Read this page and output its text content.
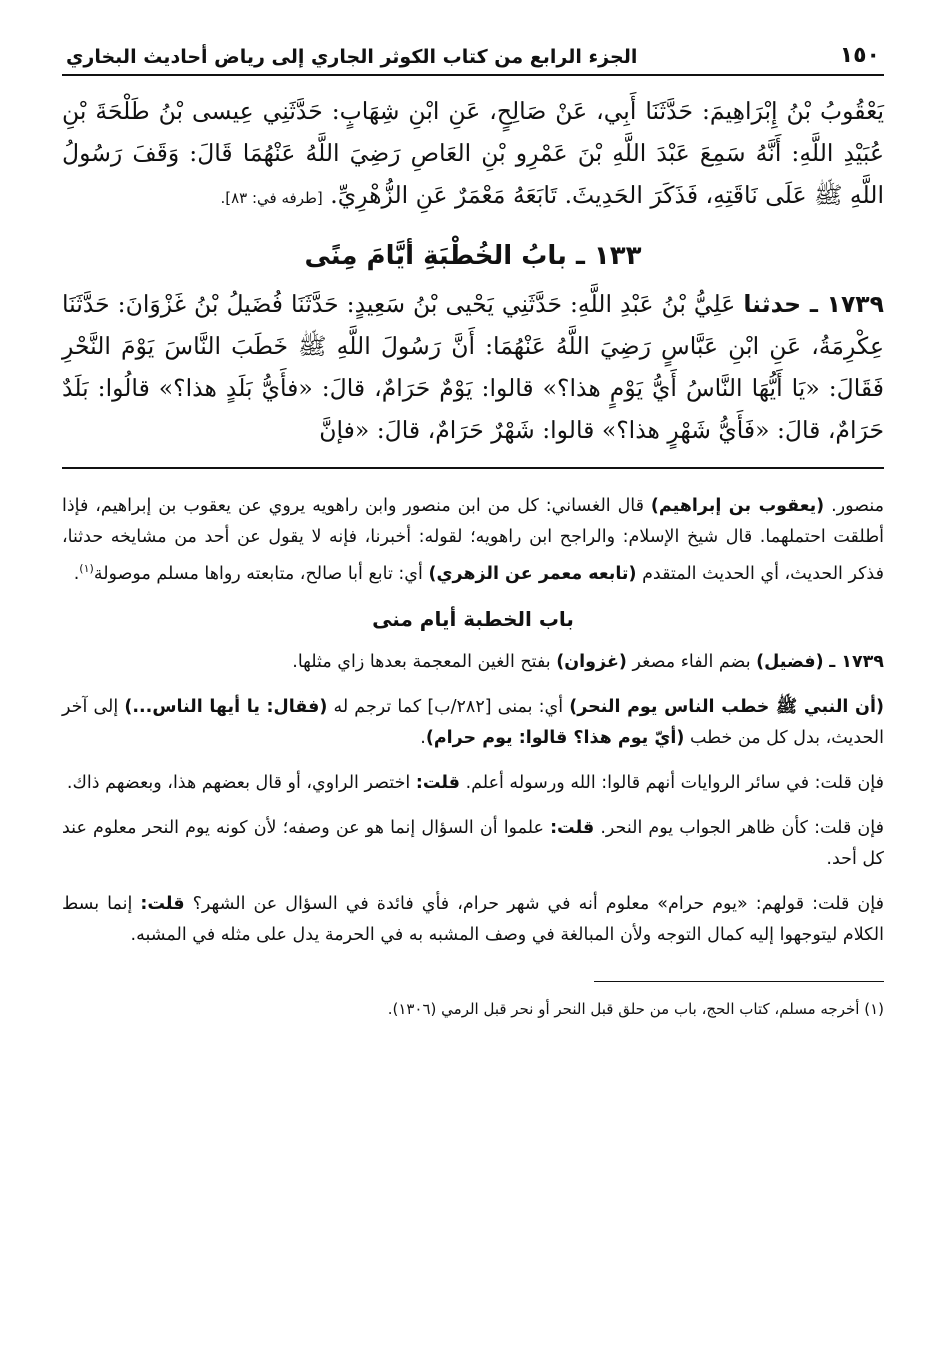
١٥٠
الجزء الرابع من كتاب الكوثر الجاري إلى رياض أحاديث البخاري

يَعْقُوبُ بْنُ إِبْرَاهِيمَ: حَدَّثَنَا أَبِي، عَنْ صَالِحٍ، عَنِ ابْنِ شِهَابٍ: حَدَّثَنِي عِيسى بْنُ طَلْحَةَ بْنِ عُبَيْدِ اللَّهِ: أَنَّهُ سَمِعَ عَبْدَ اللَّهِ بْنَ عَمْرِو بْنِ العَاصِ رَضِيَ اللَّهُ عَنْهُمَا قَالَ: وَقَفَ رَسُولُ اللَّهِ ﷺ عَلَى نَاقَتِهِ، فَذَكَرَ الحَدِيثَ. تَابَعَهُ مَعْمَرٌ عَنِ الزُّهْرِيِّ. [طرفه في: ٨٣].

١٣٣ ـ بابُ الخُطْبَةِ أيَّامَ مِنًى

١٧٣٩ ـ حدثنا عَلِيُّ بْنُ عَبْدِ اللَّهِ: حَدَّثَنِي يَحْيى بْنُ سَعِيدٍ: حَدَّثَنَا فُضَيلُ بْنُ غَزْوَانَ: حَدَّثَنَا عِكْرِمَةُ، عَنِ ابْنِ عَبَّاسٍ رَضِيَ اللَّهُ عَنْهُمَا: أَنَّ رَسُولَ اللَّهِ ﷺ خَطَبَ النَّاسَ يَوْمَ النَّحْرِ فَقَالَ: «يَا أَيُّهَا النَّاسُ أَيُّ يَوْمٍ هذا؟» قالوا: يَوْمٌ حَرَامٌ، قالَ: «فأَيُّ بَلَدٍ هذا؟» قالُوا: بَلَدٌ حَرَامٌ، قالَ: «فَأَيُّ شَهْرٍ هذا؟» قالوا: شَهْرٌ حَرَامٌ، قالَ: «فإنَّ

منصور. (يعقوب بن إبراهيم) قال الغساني: كل من ابن منصور وابن راهويه يروي عن يعقوب بن إبراهيم، فإذا أطلقت احتملهما. قال شيخ الإسلام: والراجح ابن راهويه؛ لقوله: أخبرنا، فإنه لا يقول عن أحد من مشايخه حدثنا، فذكر الحديث، أي الحديث المتقدم (تابعه معمر عن الزهري) أي: تابع أبا صالح، متابعته رواها مسلم موصولة$^{(١)}$.

باب الخطبة أيام منى

١٧٣٩ ـ (فضيل) بضم الفاء مصغر (غزوان) بفتح الغين المعجمة بعدها زاي مثلها.

(أن النبي ﷺ خطب الناس يوم النحر) أي: بمنى [٢٨٢/ب] كما ترجم له (فقال: يا أيها الناس...) إلى آخر الحديث، بدل كل من خطب (أيّ يوم هذا؟ قالوا: يوم حرام).

فإن قلت: في سائر الروايات أنهم قالوا: الله ورسوله أعلم. قلت: اختصر الراوي، أو قال بعضهم هذا، وبعضهم ذاك.

فإن قلت: كأن ظاهر الجواب يوم النحر. قلت: علموا أن السؤال إنما هو عن وصفه؛ لأن كونه يوم النحر معلوم عند كل أحد.

فإن قلت: قولهم: «يوم حرام» معلوم أنه في شهر حرام، فأي فائدة في السؤال عن الشهر؟ قلت: إنما بسط الكلام ليتوجهوا إليه كمال التوجه ولأن المبالغة في وصف المشبه به في الحرمة يدل على مثله في المشبه.

(١) أخرجه مسلم، كتاب الحج، باب من حلق قبل النحر أو نحر قبل الرمي (١٣٠٦).
